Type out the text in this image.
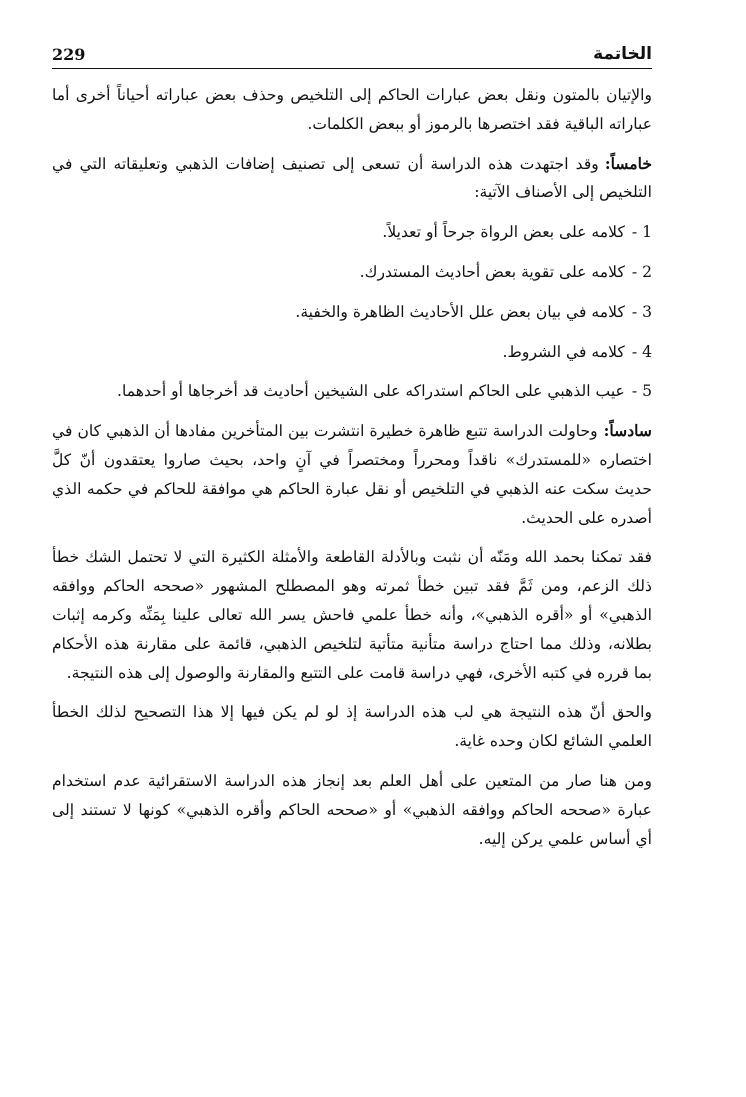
الخاتمة
229

والإتيان بالمتون ونقل بعض عبارات الحاكم إلى التلخيص وحذف بعض عباراته أحياناً أخرى أما عباراته الباقية فقد اختصرها بالرموز أو ببعض الكلمات.

خامساً:وقد اجتهدت هذه الدراسة أن تسعى إلى تصنيف إضافات الذهبي وتعليقاته التي في التلخيص إلى الأصناف الآتية:

1 - كلامه على بعض الرواة جرحاً أو تعديلاً.

2 - كلامه على تقوية بعض أحاديث المستدرك.

3 - كلامه في بيان بعض علل الأحاديث الظاهرة والخفية.

4 - كلامه في الشروط.

5 - عيب الذهبي على الحاكم استدراكه على الشيخين أحاديث قد أخرجاها أو أحدهما.

سادساً:وحاولت الدراسة تتبع ظاهرة خطيرة انتشرت بين المتأخرين مفادها أن الذهبي كان في اختصاره «للمستدرك» ناقداً ومحرراً ومختصراً في آنٍ واحد، بحيث صاروا يعتقدون أنّ كلَّ حديث سكت عنه الذهبي في التلخيص أو نقل عبارة الحاكم هي موافقة للحاكم في حكمه الذي أصدره على الحديث.

فقد تمكنا بحمد الله ومَنّه أن نثبت وبالأدلة القاطعة والأمثلة الكثيرة التي لا تحتمل الشك خطأ ذلك الزعم، ومن ثَمَّ فقد تبين خطأ ثمرته وهو المصطلح المشهور «صححه الحاكم ووافقه الذهبي» أو «أقره الذهبي»، وأنه خطأ علمي فاحش يسر الله تعالى علينا بِمَنِّه وكرمه إثبات بطلانه، وذلك مما احتاج دراسة متأنية متأتية لتلخيص الذهبي، قائمة على مقارنة هذه الأحكام بما قرره في كتبه الأخرى، فهي دراسة قامت على التتبع والمقارنة والوصول إلى هذه النتيجة.

والحق أنّ هذه النتيجة هي لب هذه الدراسة إذ لو لم يكن فيها إلا هذا التصحيح لذلك الخطأ العلمي الشائع لكان وحده غاية.

ومن هنا صار من المتعين على أهل العلم بعد إنجاز هذه الدراسة الاستقرائية عدم استخدام عبارة «صححه الحاكم ووافقه الذهبي» أو «صححه الحاكم وأقره الذهبي» كونها لا تستند إلى أي أساس علمي يركن إليه.
